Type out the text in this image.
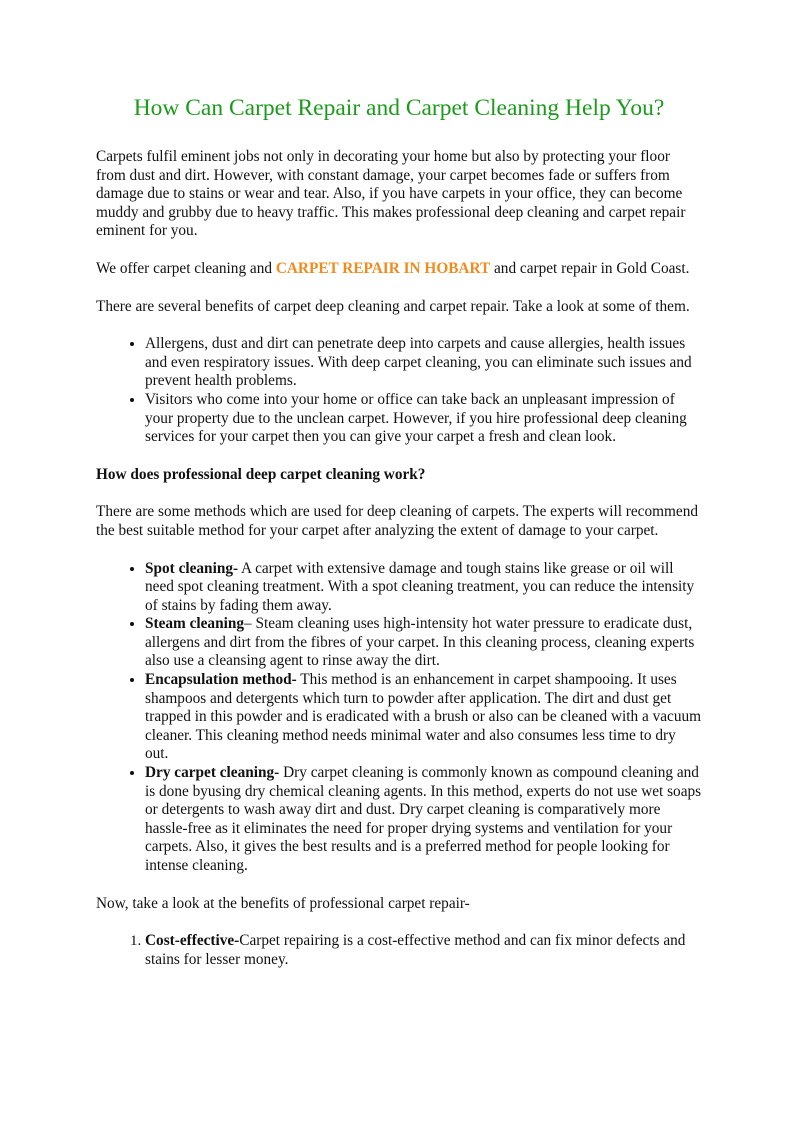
How Can Carpet Repair and Carpet Cleaning Help You?

Carpets fulfil eminent jobs not only in decorating your home but also by protecting your floor from dust and dirt. However, with constant damage, your carpet becomes fade or suffers from damage due to stains or wear and tear. Also, if you have carpets in your office, they can become muddy and grubby due to heavy traffic. This makes professional deep cleaning and carpet repair eminent for you.

We offer carpet cleaning and CARPET REPAIR IN HOBART and carpet repair in Gold Coast.

There are several benefits of carpet deep cleaning and carpet repair. Take a look at some of them.

• Allergens, dust and dirt can penetrate deep into carpets and cause allergies, health issues and even respiratory issues. With deep carpet cleaning, you can eliminate such issues and prevent health problems.
• Visitors who come into your home or office can take back an unpleasant impression of your property due to the unclean carpet. However, if you hire professional deep cleaning services for your carpet then you can give your carpet a fresh and clean look.
How does professional deep carpet cleaning work?

There are some methods which are used for deep cleaning of carpets. The experts will recommend the best suitable method for your carpet after analyzing the extent of damage to your carpet.

• Spot cleaning- A carpet with extensive damage and tough stains like grease or oil will need spot cleaning treatment. With a spot cleaning treatment, you can reduce the intensity of stains by fading them away.
• Steam cleaning– Steam cleaning uses high-intensity hot water pressure to eradicate dust, allergens and dirt from the fibres of your carpet. In this cleaning process, cleaning experts also use a cleansing agent to rinse away the dirt.
• Encapsulation method- This method is an enhancement in carpet shampooing. It uses shampoos and detergents which turn to powder after application. The dirt and dust get trapped in this powder and is eradicated with a brush or also can be cleaned with a vacuum cleaner. This cleaning method needs minimal water and also consumes less time to dry out.
• Dry carpet cleaning- Dry carpet cleaning is commonly known as compound cleaning and is done byusing dry chemical cleaning agents. In this method, experts do not use wet soaps or detergents to wash away dirt and dust. Dry carpet cleaning is comparatively more hassle-free as it eliminates the need for proper drying systems and ventilation for your carpets. Also, it gives the best results and is a preferred method for people looking for intense cleaning.

Now, take a look at the benefits of professional carpet repair-

1. Cost-effective-Carpet repairing is a cost-effective method and can fix minor defects and stains for lesser money.
